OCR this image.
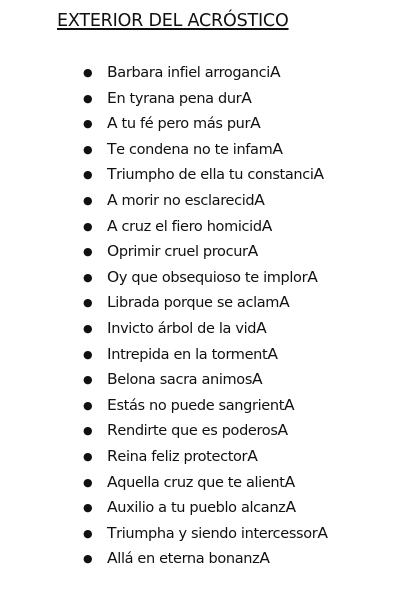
EXTERIOR DEL ACRÓSTICO
● Barbara infiel arroganciA
● En tyrana pena durA
● A tu fé pero más purA
● Te condena no te infamA
● Triumpho de ella tu constanciA
● A morir no esclarecidA
● A cruz el fiero homicidA
● Oprimir cruel procurA
● Oy que obsequioso te implorA
● Librada porque se aclamA
● Invicto árbol de la vidA
● Intrepida en la tormentA
● Belona sacra animosA
● Estás no puede sangrientA
● Rendirte que es poderosA
● Reina feliz protectorA
● Aquella cruz que te alientA
● Auxilio a tu pueblo alcanzA
● Triumpha y siendo intercessorA
● Allá en eterna bonanzA
